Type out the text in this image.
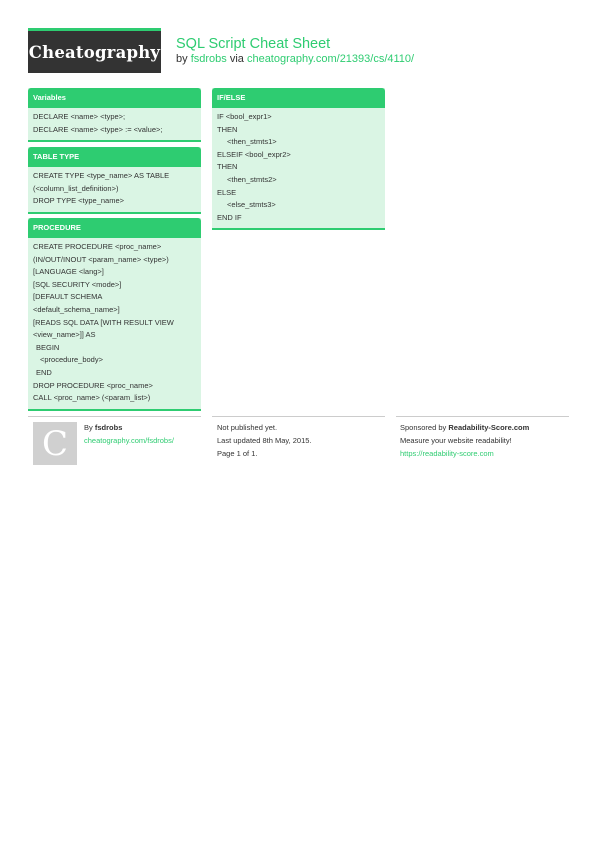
Cheatography SQL Script Cheat Sheet
by fsdrobs via cheatography.com/21393/cs/4110/
Variables
DECLARE <name> <type>;
DECLARE <name> <type> := <value>;
TABLE TYPE
CREATE TYPE <type_name> AS TABLE
(<column_list_definition>)
DROP TYPE <type_name>
PROCEDURE
CREATE PROCEDURE <proc_name>
(IN/OUT/INOUT <param_name> <type>)
[LANGUAGE <lang>]
[SQL SECURITY <mode>]
[DEFAULT SCHEMA
<default_schema_name>]
[READS SQL DATA [WITH RESULT VIEW
<view_name>]] AS
BEGIN
<procedure_body>
END
DROP PROCEDURE <proc_name>
CALL <proc_name> (<param_list>)
IF/ELSE
IF <bool_expr1>
THEN
<then_stmts1>
ELSEIF <bool_expr2>
THEN
<then_stmts2>
ELSE
<else_stmts3>
END IF
C By fsdrobs
cheatography.com/fsdrobs/
Not published yet.
Last updated 8th May, 2015.
Page 1 of 1.
Sponsored by Readability-Score.com
Measure your website readability!
https://readability-score.com
